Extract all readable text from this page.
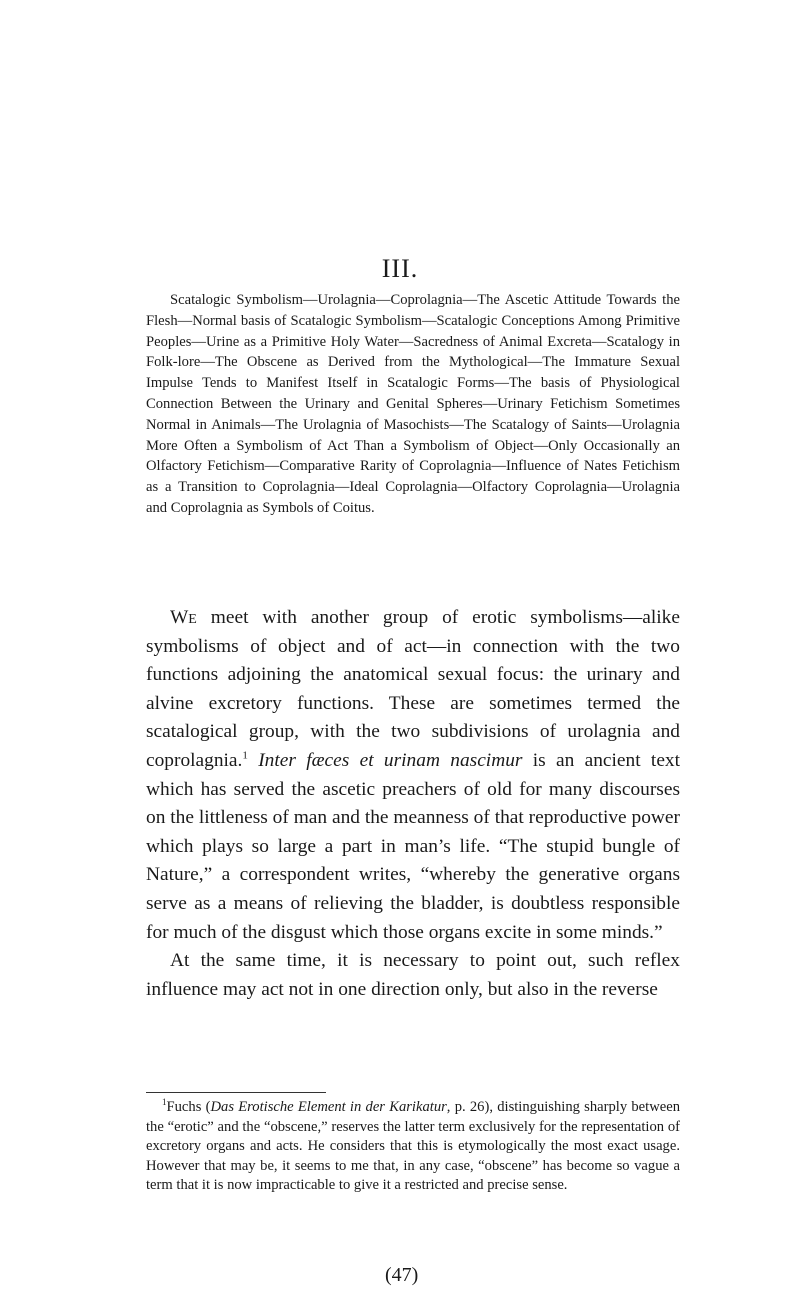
III.

Scatalogic Symbolism—Urolagnia—Coprolagnia—The Ascetic Attitude Towards the Flesh—Normal basis of Scatalogic Symbolism—Scatalogic Conceptions Among Primitive Peoples—Urine as a Primitive Holy Water—Sacredness of Animal Excreta—Scatalogy in Folk-lore—The Obscene as Derived from the Mythological—The Immature Sexual Impulse Tends to Manifest Itself in Scatalogic Forms—The basis of Physiological Connection Between the Urinary and Genital Spheres—Urinary Fetichism Sometimes Normal in Animals—The Urolagnia of Masochists—The Scatalogy of Saints—Urolagnia More Often a Symbolism of Act Than a Symbolism of Object—Only Occasionally an Olfactory Fetichism—Comparative Rarity of Coprolagnia—Influence of Nates Fetichism as a Transition to Coprolagnia—Ideal Coprolagnia—Olfactory Coprolagnia—Urolagnia and Coprolagnia as Symbols of Coitus.

We meet with another group of erotic symbolisms—alike symbolisms of object and of act—in connection with the two functions adjoining the anatomical sexual focus: the urinary and alvine excretory functions. These are sometimes termed the scatalogical group, with the two subdivisions of urolagnia and coprolagnia.$^1$ Inter fæces et urinam nascimur is an ancient text which has served the ascetic preachers of old for many discourses on the littleness of man and the meanness of that reproductive power which plays so large a part in man’s life. “The stupid bungle of Nature,” a correspondent writes, “whereby the generative organs serve as a means of relieving the bladder, is doubtless responsible for much of the disgust which those organs excite in some minds.”

At the same time, it is necessary to point out, such reflex influence may act not in one direction only, but also in the reverse

$^1$Fuchs (Das Erotische Element in der Karikatur, p. 26), distinguishing sharply between the “erotic” and the “obscene,” reserves the latter term exclusively for the representation of excretory organs and acts. He considers that this is etymologically the most exact usage. However that may be, it seems to me that, in any case, “obscene” has become so vague a term that it is now impracticable to give it a restricted and precise sense.

(47)
